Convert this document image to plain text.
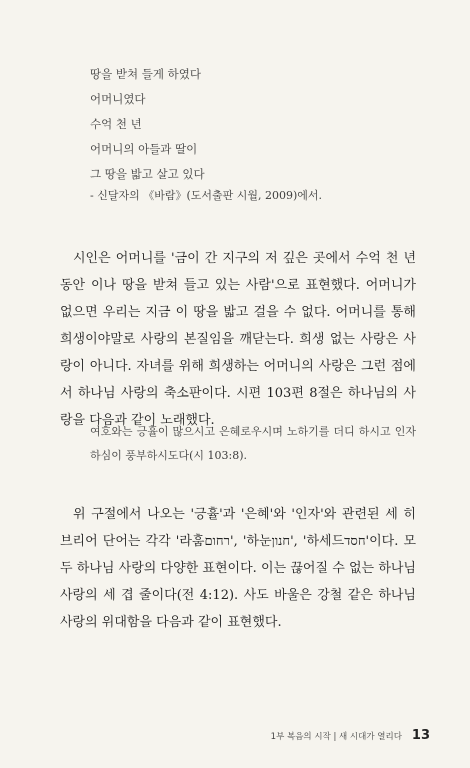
땅을 받쳐 들게 하였다
어머니였다
수억 천 년
어머니의 아들과 딸이
그 땅을 밟고 살고 있다
- 신달자의 《바람》(도서출판 시월, 2009)에서.

시인은 어머니를 '금이 간 지구의 저 깊은 곳에서 수억 천 년 동안 이나 땅을 받쳐 들고 있는 사람'으로 표현했다. 어머니가 없으면 우리는 지금 이 땅을 밟고 걸을 수 없다. 어머니를 통해 희생이야말로 사랑의 본질임을 깨닫는다. 희생 없는 사랑은 사랑이 아니다. 자녀를 위해 희생하는 어머니의 사랑은 그런 점에서 하나님 사랑의 축소판이다. 시편 103편 8절은 하나님의 사랑을 다음과 같이 노래했다.

여호와는 긍휼이 많으시고 은혜로우시며 노하기를 더디 하시고 인자하심이 풍부하시도다(시 103:8).

위 구절에서 나오는 '긍휼'과 '은혜'와 '인자'와 관련된 세 히브리어 단어는 각각 '라훔רחום', '하눈חנון', '하세드חסד'이다. 모두 하나님 사랑의 다양한 표현이다. 이는 끊어질 수 없는 하나님 사랑의 세 겹 줄이다(전 4:12). 사도 바울은 강철 같은 하나님 사랑의 위대함을 다음과 같이 표현했다.

1부 복음의 시작 | 새 시대가 열리다 13
